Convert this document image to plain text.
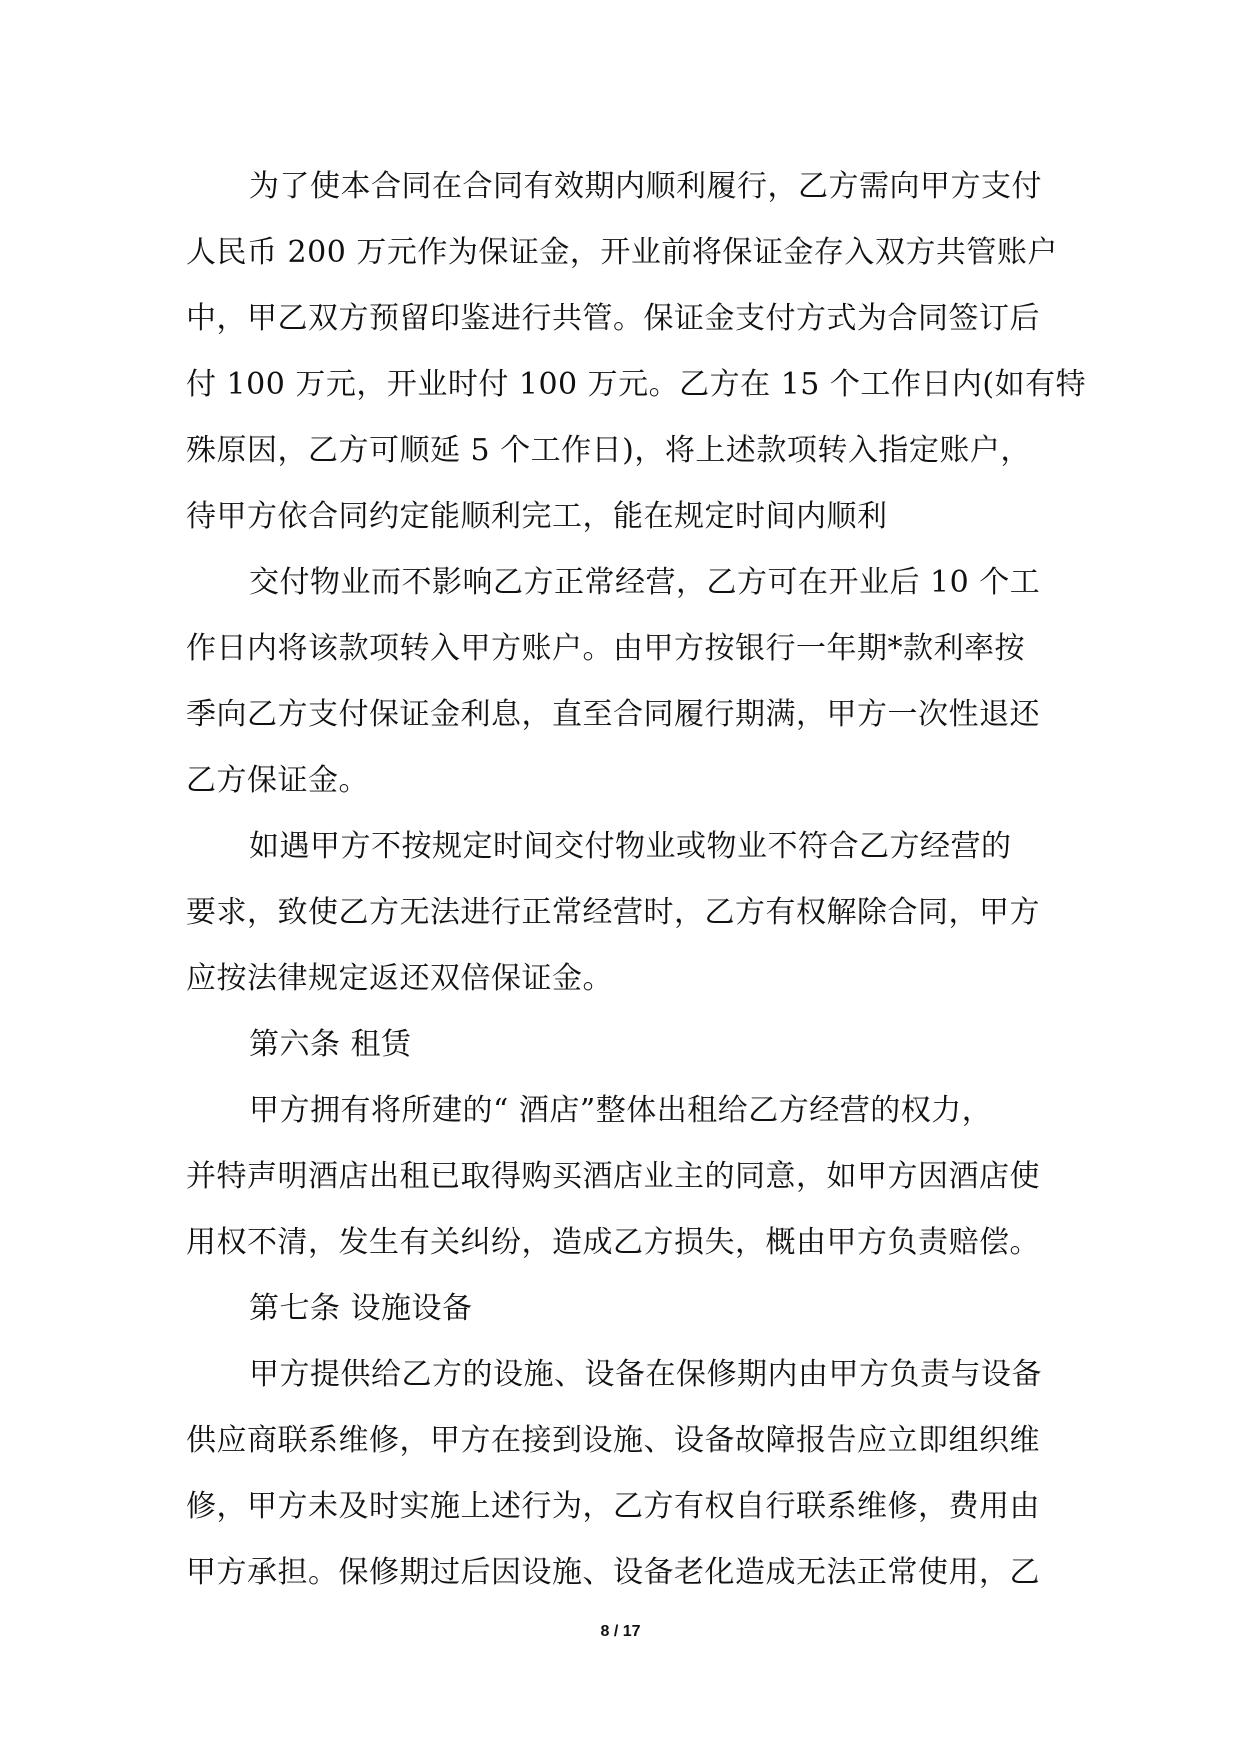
为了使本合同在合同有效期内顺利履行，乙方需向甲方支付
人民币 200 万元作为保证金，开业前将保证金存入双方共管账户
中，甲乙双方预留印鉴进行共管。保证金支付方式为合同签订后
付 100 万元，开业时付 100 万元。乙方在 15 个工作日内(如有特
殊原因，乙方可顺延 5 个工作日)，将上述款项转入指定账户，
待甲方依合同约定能顺利完工，能在规定时间内顺利
交付物业而不影响乙方正常经营，乙方可在开业后 10 个工
作日内将该款项转入甲方账户。由甲方按银行一年期*款利率按
季向乙方支付保证金利息，直至合同履行期满，甲方一次性退还
乙方保证金。
如遇甲方不按规定时间交付物业或物业不符合乙方经营的
要求，致使乙方无法进行正常经营时，乙方有权解除合同，甲方
应按法律规定返还双倍保证金。
第六条 租赁
甲方拥有将所建的“ 酒店”整体出租给乙方经营的权力，
并特声明酒店出租已取得购买酒店业主的同意，如甲方因酒店使
用权不清，发生有关纠纷，造成乙方损失，概由甲方负责赔偿。
第七条 设施设备
甲方提供给乙方的设施、设备在保修期内由甲方负责与设备
供应商联系维修，甲方在接到设施、设备故障报告应立即组织维
修，甲方未及时实施上述行为，乙方有权自行联系维修，费用由
甲方承担。保修期过后因设施、设备老化造成无法正常使用，乙
8 / 17
